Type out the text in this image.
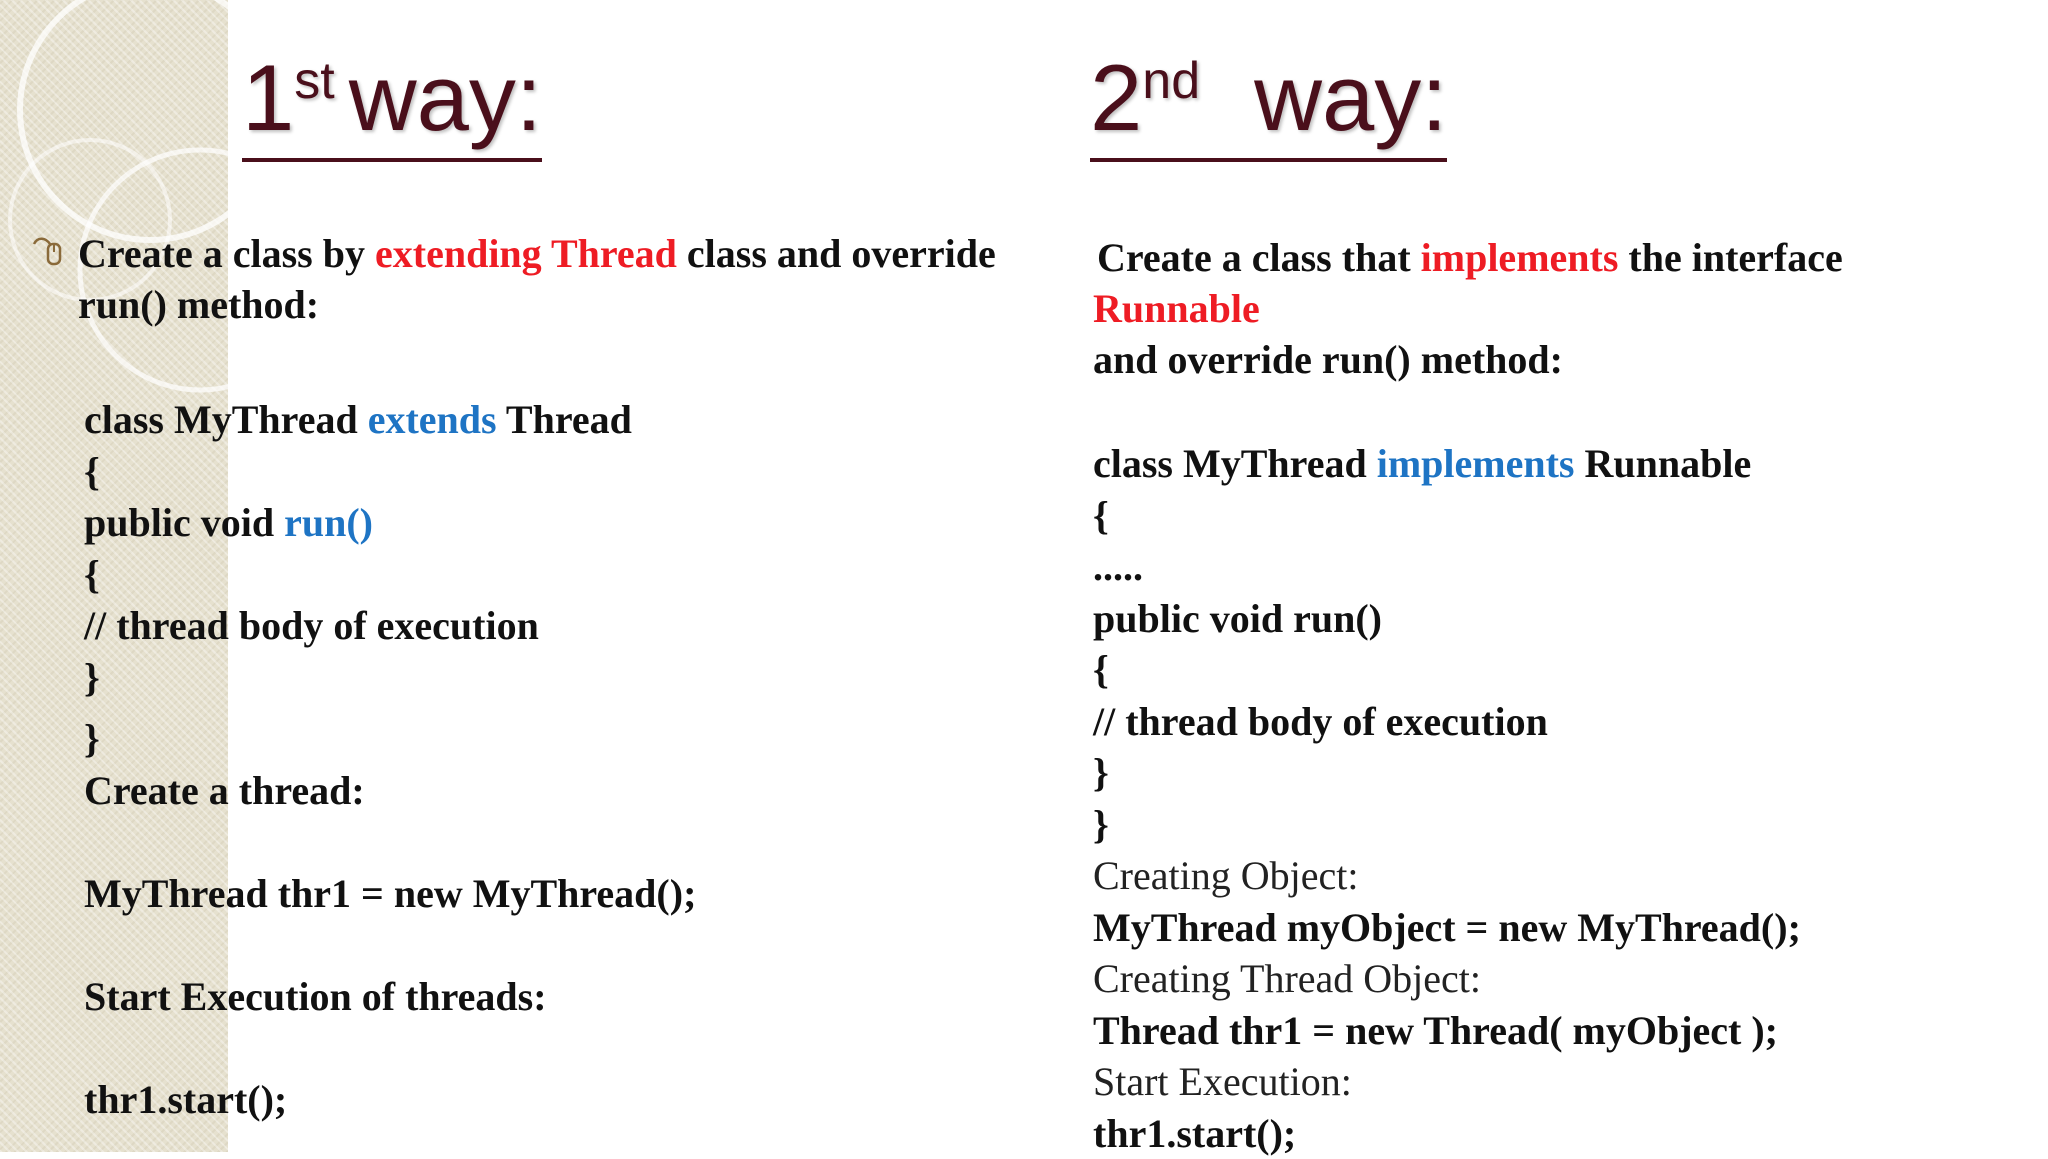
1st way:	2nd way:

Create a class by extending Thread class and override

run() method:

class MyThread extends Thread

{

public void run()

{

// thread body of execution

}

}

Create a thread:

MyThread thr1 = new MyThread();

Start Execution of threads:

thr1.start();

Create a class that implements the interface

Runnable

and override run() method:

class MyThread implements Runnable

{

.....

public void run()

{

// thread body of execution

}

}

Creating Object:

MyThread myObject = new MyThread();

Creating Thread Object:

Thread thr1 = new Thread( myObject );

Start Execution:

thr1.start();
